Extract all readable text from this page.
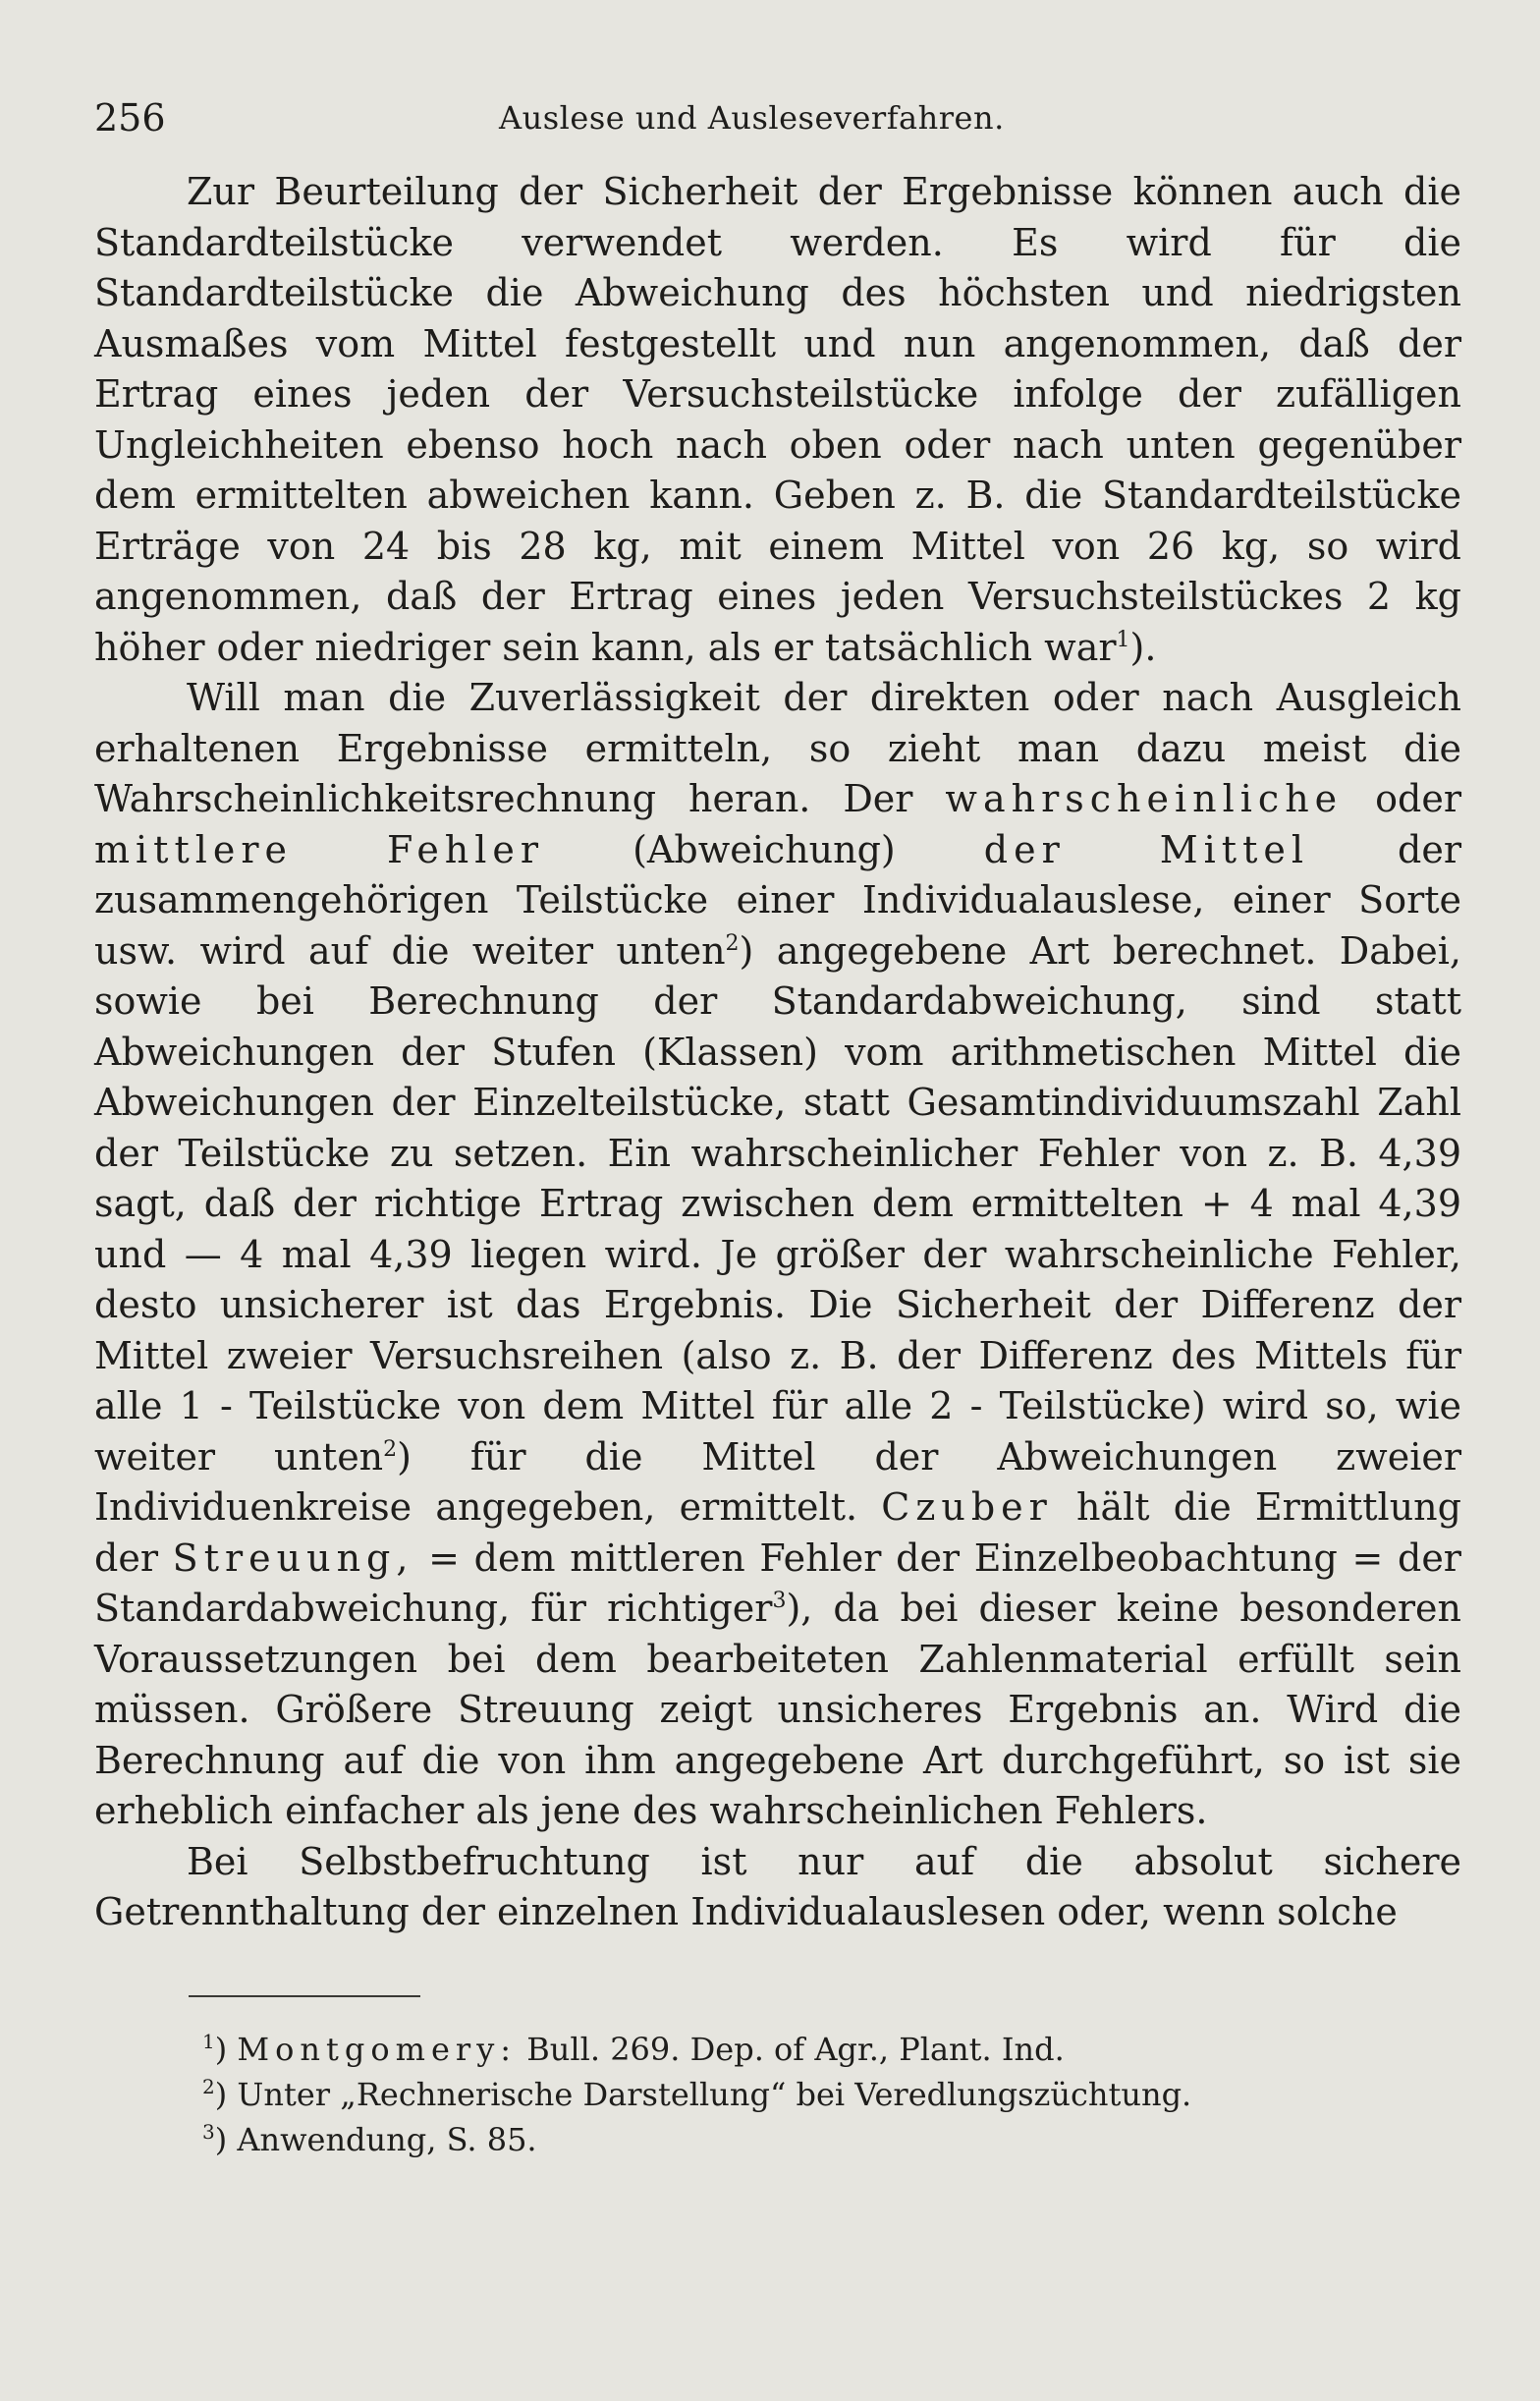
256	Auslese und Ausleseverfahren.

Zur Beurteilung der Sicherheit der Ergebnisse können auch die Standardteilstücke verwendet werden. Es wird für die Standardteilstücke die Abweichung des höchsten und niedrigsten Ausmaßes vom Mittel festgestellt und nun angenommen, daß der Ertrag eines jeden der Versuchsteilstücke infolge der zufälligen Ungleichheiten ebenso hoch nach oben oder nach unten gegenüber dem ermittelten abweichen kann. Geben z. B. die Standardteilstücke Erträge von 24 bis 28 kg, mit einem Mittel von 26 kg, so wird angenommen, daß der Ertrag eines jeden Versuchsteilstückes 2 kg höher oder niedriger sein kann, als er tatsächlich war$^1$).

Will man die Zuverlässigkeit der direkten oder nach Ausgleich erhaltenen Ergebnisse ermitteln, so zieht man dazu meist die Wahrscheinlichkeitsrechnung heran. Der wahrscheinliche oder mittlere Fehler (Abweichung) der Mittel der zusammengehörigen Teilstücke einer Individualauslese, einer Sorte usw. wird auf die weiter unten$^2$) angegebene Art berechnet. Dabei, sowie bei Berechnung der Standardabweichung, sind statt Abweichungen der Stufen (Klassen) vom arithmetischen Mittel die Abweichungen der Einzelteilstücke, statt Gesamtindividuumszahl Zahl der Teilstücke zu setzen. Ein wahrscheinlicher Fehler von z. B. 4,39 sagt, daß der richtige Ertrag zwischen dem ermittelten + 4 mal 4,39 und — 4 mal 4,39 liegen wird. Je größer der wahrscheinliche Fehler, desto unsicherer ist das Ergebnis. Die Sicherheit der Differenz der Mittel zweier Versuchsreihen (also z. B. der Differenz des Mittels für alle 1 - Teilstücke von dem Mittel für alle 2 - Teilstücke) wird so, wie weiter unten$^2$) für die Mittel der Abweichungen zweier Individuenkreise angegeben, ermittelt. Czuber hält die Ermittlung der Streuung, = dem mittleren Fehler der Einzelbeobachtung = der Standardabweichung, für richtiger$^3$), da bei dieser keine besonderen Voraussetzungen bei dem bearbeiteten Zahlenmaterial erfüllt sein müssen. Größere Streuung zeigt unsicheres Ergebnis an. Wird die Berechnung auf die von ihm angegebene Art durchgeführt, so ist sie erheblich einfacher als jene des wahrscheinlichen Fehlers.

Bei Selbstbefruchtung ist nur auf die absolut sichere Getrennthaltung der einzelnen Individualauslesen oder, wenn solche

$^1$) Montgomery: Bull. 269. Dep. of Agr., Plant. Ind.
$^2$) Unter „Rechnerische Darstellung“ bei Veredlungszüchtung.
$^3$) Anwendung, S. 85.
